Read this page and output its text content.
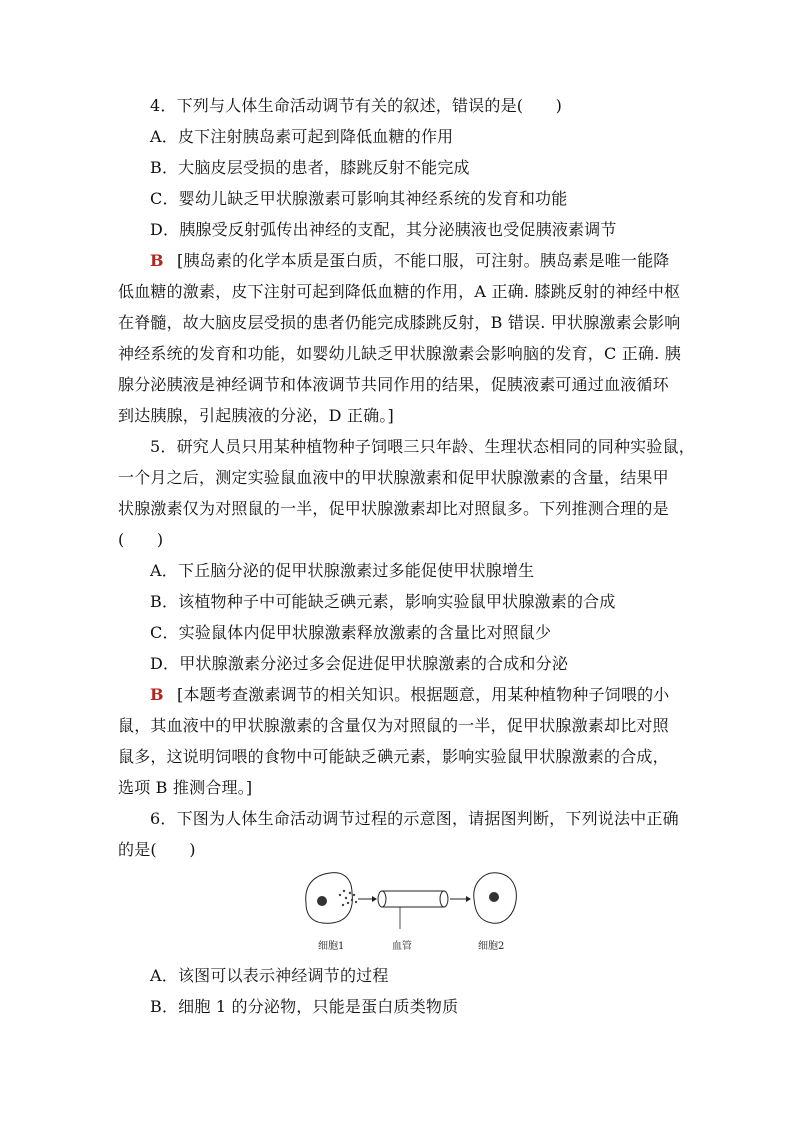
4．下列与人体生命活动调节有关的叙述，错误的是(　　)
A．皮下注射胰岛素可起到降低血糖的作用
B．大脑皮层受损的患者，膝跳反射不能完成
C．婴幼儿缺乏甲状腺激素可影响其神经系统的发育和功能
D．胰腺受反射弧传出神经的支配，其分泌胰液也受促胰液素调节
B [胰岛素的化学本质是蛋白质，不能口服，可注射。胰岛素是唯一能降
低血糖的激素，皮下注射可起到降低血糖的作用，A 正确. 膝跳反射的神经中枢
在脊髓，故大脑皮层受损的患者仍能完成膝跳反射，B 错误. 甲状腺激素会影响
神经系统的发育和功能，如婴幼儿缺乏甲状腺激素会影响脑的发育，C 正确. 胰
腺分泌胰液是神经调节和体液调节共同作用的结果，促胰液素可通过血液循环
到达胰腺，引起胰液的分泌，D 正确。]
5．研究人员只用某种植物种子饲喂三只年龄、生理状态相同的同种实验鼠，
一个月之后，测定实验鼠血液中的甲状腺激素和促甲状腺激素的含量，结果甲
状腺激素仅为对照鼠的一半，促甲状腺激素却比对照鼠多。下列推测合理的是
(　　)
A．下丘脑分泌的促甲状腺激素过多能促使甲状腺增生
B．该植物种子中可能缺乏碘元素，影响实验鼠甲状腺激素的合成
C．实验鼠体内促甲状腺激素释放激素的含量比对照鼠少
D．甲状腺激素分泌过多会促进促甲状腺激素的合成和分泌
B [本题考查激素调节的相关知识。根据题意，用某种植物种子饲喂的小
鼠，其血液中的甲状腺激素的含量仅为对照鼠的一半，促甲状腺激素却比对照
鼠多，这说明饲喂的食物中可能缺乏碘元素，影响实验鼠甲状腺激素的合成，
选项 B 推测合理。]
6．下图为人体生命活动调节过程的示意图，请据图判断，下列说法中正确
的是(　　)
细胞1	血管	细胞2
A．该图可以表示神经调节的过程
B．细胞 1 的分泌物，只能是蛋白质类物质
